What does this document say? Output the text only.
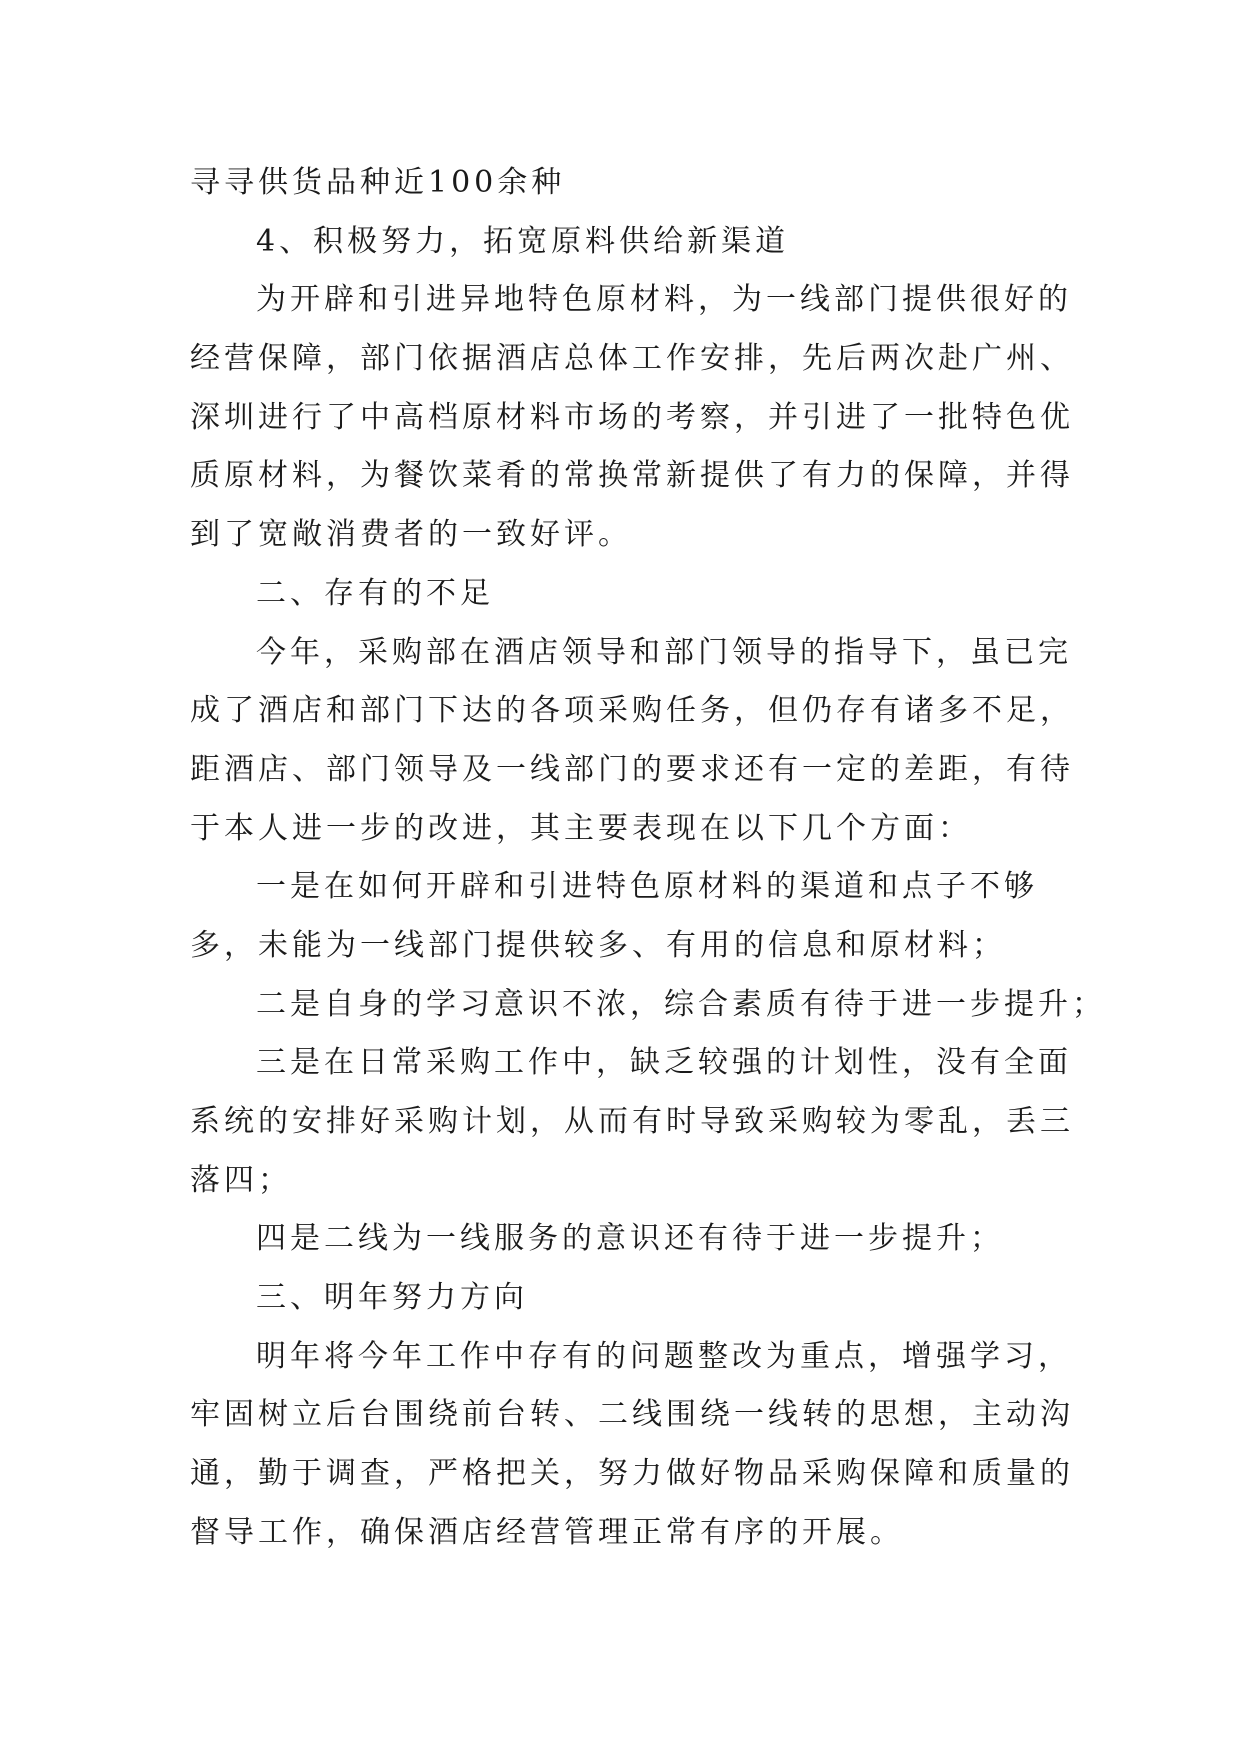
寻寻供货品种近100余种
4、积极努力，拓宽原料供给新渠道
为开辟和引进异地特色原材料，为一线部门提供很好的
经营保障，部门依据酒店总体工作安排，先后两次赴广州、
深圳进行了中高档原材料市场的考察，并引进了一批特色优
质原材料，为餐饮菜肴的常换常新提供了有力的保障，并得
到了宽敞消费者的一致好评。
二、存有的不足
今年，采购部在酒店领导和部门领导的指导下，虽已完
成了酒店和部门下达的各项采购任务，但仍存有诸多不足，
距酒店、部门领导及一线部门的要求还有一定的差距，有待
于本人进一步的改进，其主要表现在以下几个方面：
一是在如何开辟和引进特色原材料的渠道和点子不够
多，未能为一线部门提供较多、有用的信息和原材料；
二是自身的学习意识不浓，综合素质有待于进一步提升；
三是在日常采购工作中，缺乏较强的计划性，没有全面
系统的安排好采购计划，从而有时导致采购较为零乱，丢三
落四；
四是二线为一线服务的意识还有待于进一步提升；
三、明年努力方向
明年将今年工作中存有的问题整改为重点，增强学习，
牢固树立后台围绕前台转、二线围绕一线转的思想，主动沟
通，勤于调查，严格把关，努力做好物品采购保障和质量的
督导工作，确保酒店经营管理正常有序的开展。
